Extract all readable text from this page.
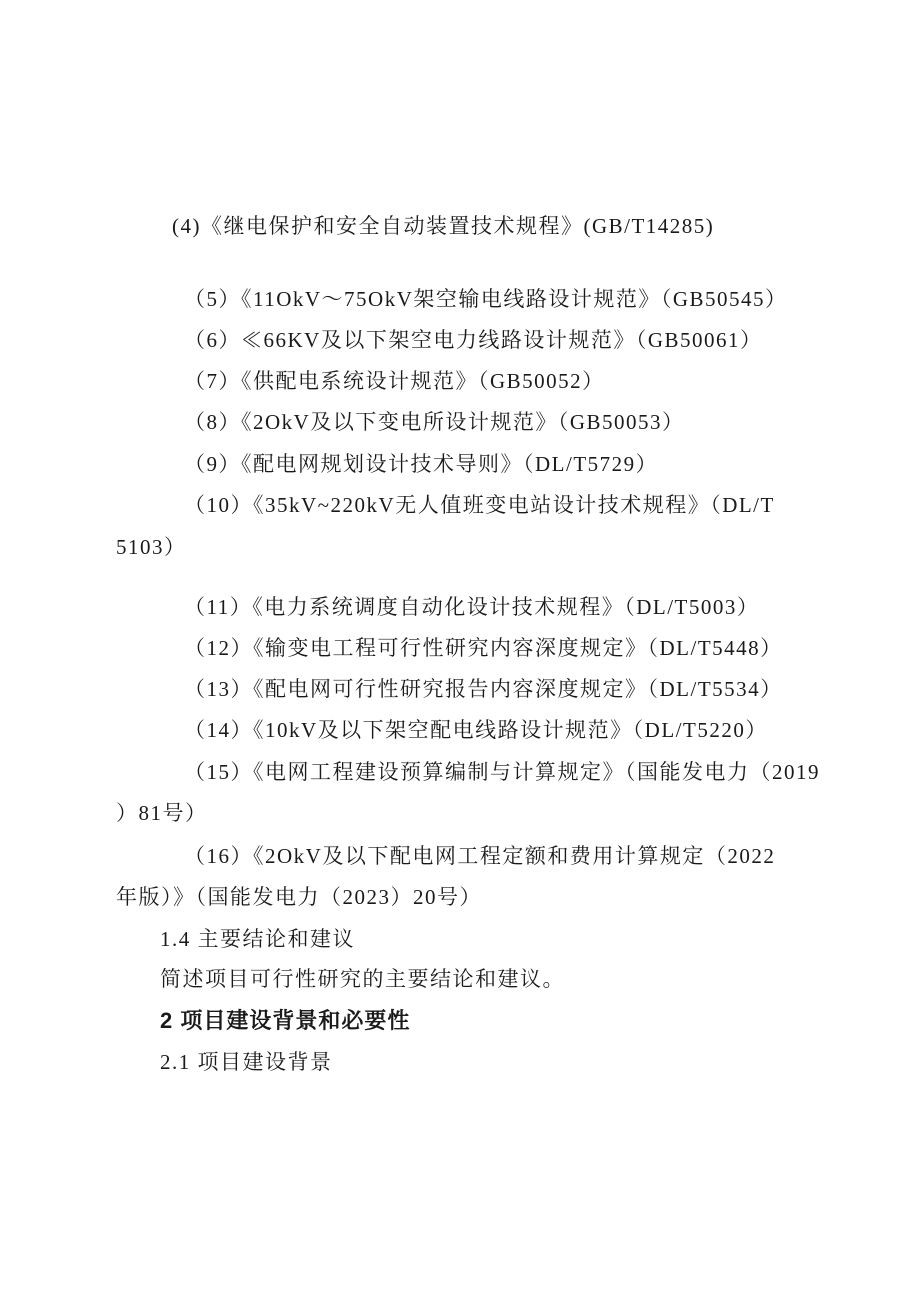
(4)《继电保护和安全自动装置技术规程》(GB/T14285)
（5）《11OkV～75OkV架空输电线路设计规范》（GB50545）
（6）≪66KV及以下架空电力线路设计规范》（GB50061）
（7）《供配电系统设计规范》（GB50052）
（8）《2OkV及以下变电所设计规范》（GB50053）
（9）《配电网规划设计技术导则》（DL/T5729）
（10）《35kV~220kV无人值班变电站设计技术规程》（DL/T
5103）
（11）《电力系统调度自动化设计技术规程》（DL/T5003）
（12）《输变电工程可行性研究内容深度规定》（DL/T5448）
（13）《配电网可行性研究报告内容深度规定》（DL/T5534）
（14）《10kV及以下架空配电线路设计规范》（DL/T5220）
（15）《电网工程建设预算编制与计算规定》（国能发电力（2019
）81号）
（16）《2OkV及以下配电网工程定额和费用计算规定（2022
年版）》（国能发电力（2023）20号）
1.4 主要结论和建议
简述项目可行性研究的主要结论和建议。
2 项目建设背景和必要性
2.1 项目建设背景
